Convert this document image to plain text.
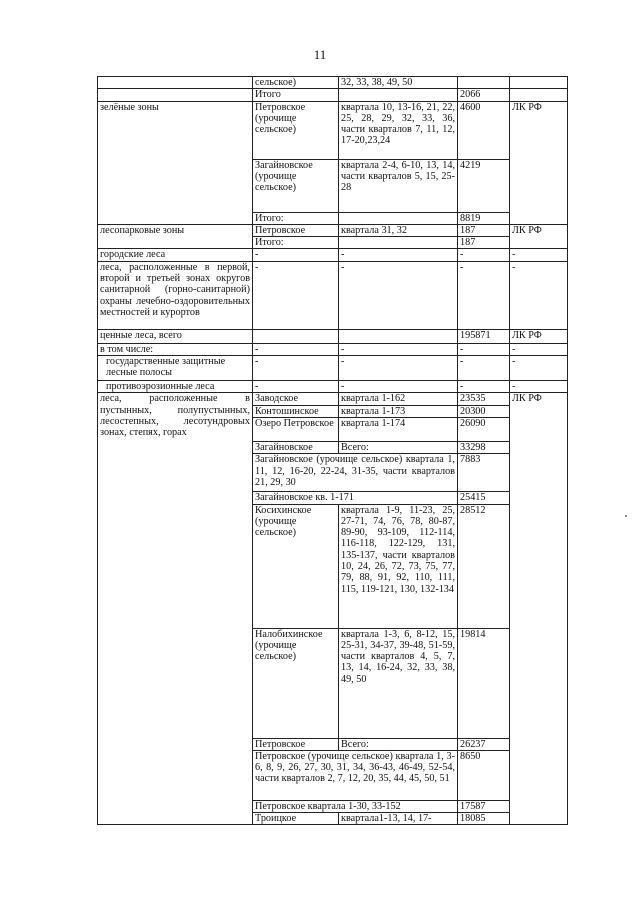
11
	сельское)	32, 33, 38, 49, 50		
	Итого		2066	
зелёные зоны	Петровское (урочище сельское)	квартала 10, 13-16, 21, 22, 25, 28, 29, 32, 33, 36, части кварталов 7, 11, 12, 17-20,23,24	4600	ЛК РФ
	Загайновское (урочище сельское)	квартала 2-4, 6-10, 13, 14, части кварталов 5, 15, 25-28	4219	
	Итого:		8819	
лесопарковые зоны	Петровское	квартала 31, 32	187	ЛК РФ
	Итого:		187	
городские леса	-	-	-	-
леса, расположенные в первой, второй и третьей зонах округов санитарной (горно-санитарной) охраны лечебно-оздоровительных местностей и курортов	-	-	-	-
ценные леса, всего			195871	ЛК РФ
в том числе:	-	-	-	-
государственные защитные лесные полосы	-	-	-	-
противоэрозионные леса	-	-	-	-
леса, расположенные в пустынных, полупустынных, лесостепных, лесотундровых зонах, степях, горах	Заводское	квартала 1-162	23535	ЛК РФ
	Контошинское	квартала 1-173	20300	
	Озеро Петровское	квартала 1-174	26090	
	Загайновское	Всего:	33298	
	Загайновское (урочище сельское) квартала 1, 11, 12, 16-20, 22-24, 31-35, части кварталов 21, 29, 30		7883	
	Загайновское кв. 1-171		25415	
	Косихинское (урочище сельское)	квартала 1-9, 11-23, 25, 27-71, 74, 76, 78, 80-87, 89-90, 93-109, 112-114, 116-118, 122-129, 131, 135-137, части кварталов 10, 24, 26, 72, 73, 75, 77, 79, 88, 91, 92, 110, 111, 115, 119-121, 130, 132-134	28512	
	Налобихинское (урочище сельское)	квартала 1-3, 6, 8-12, 15, 25-31, 34-37, 39-48, 51-59, части кварталов 4, 5, 7, 13, 14, 16-24, 32, 33, 38, 49, 50	19814	
	Петровское	Всего:	26237	
	Петровское (урочище сельское) квартала 1, 3-6, 8, 9, 26, 27, 30, 31, 34, 36-43, 46-49, 52-54, части кварталов 2, 7, 12, 20, 35, 44, 45, 50, 51		8650	
	Петровское квартала 1-30, 33-152		17587	
	Троицкое	квартала1-13, 14, 17-	18085	
